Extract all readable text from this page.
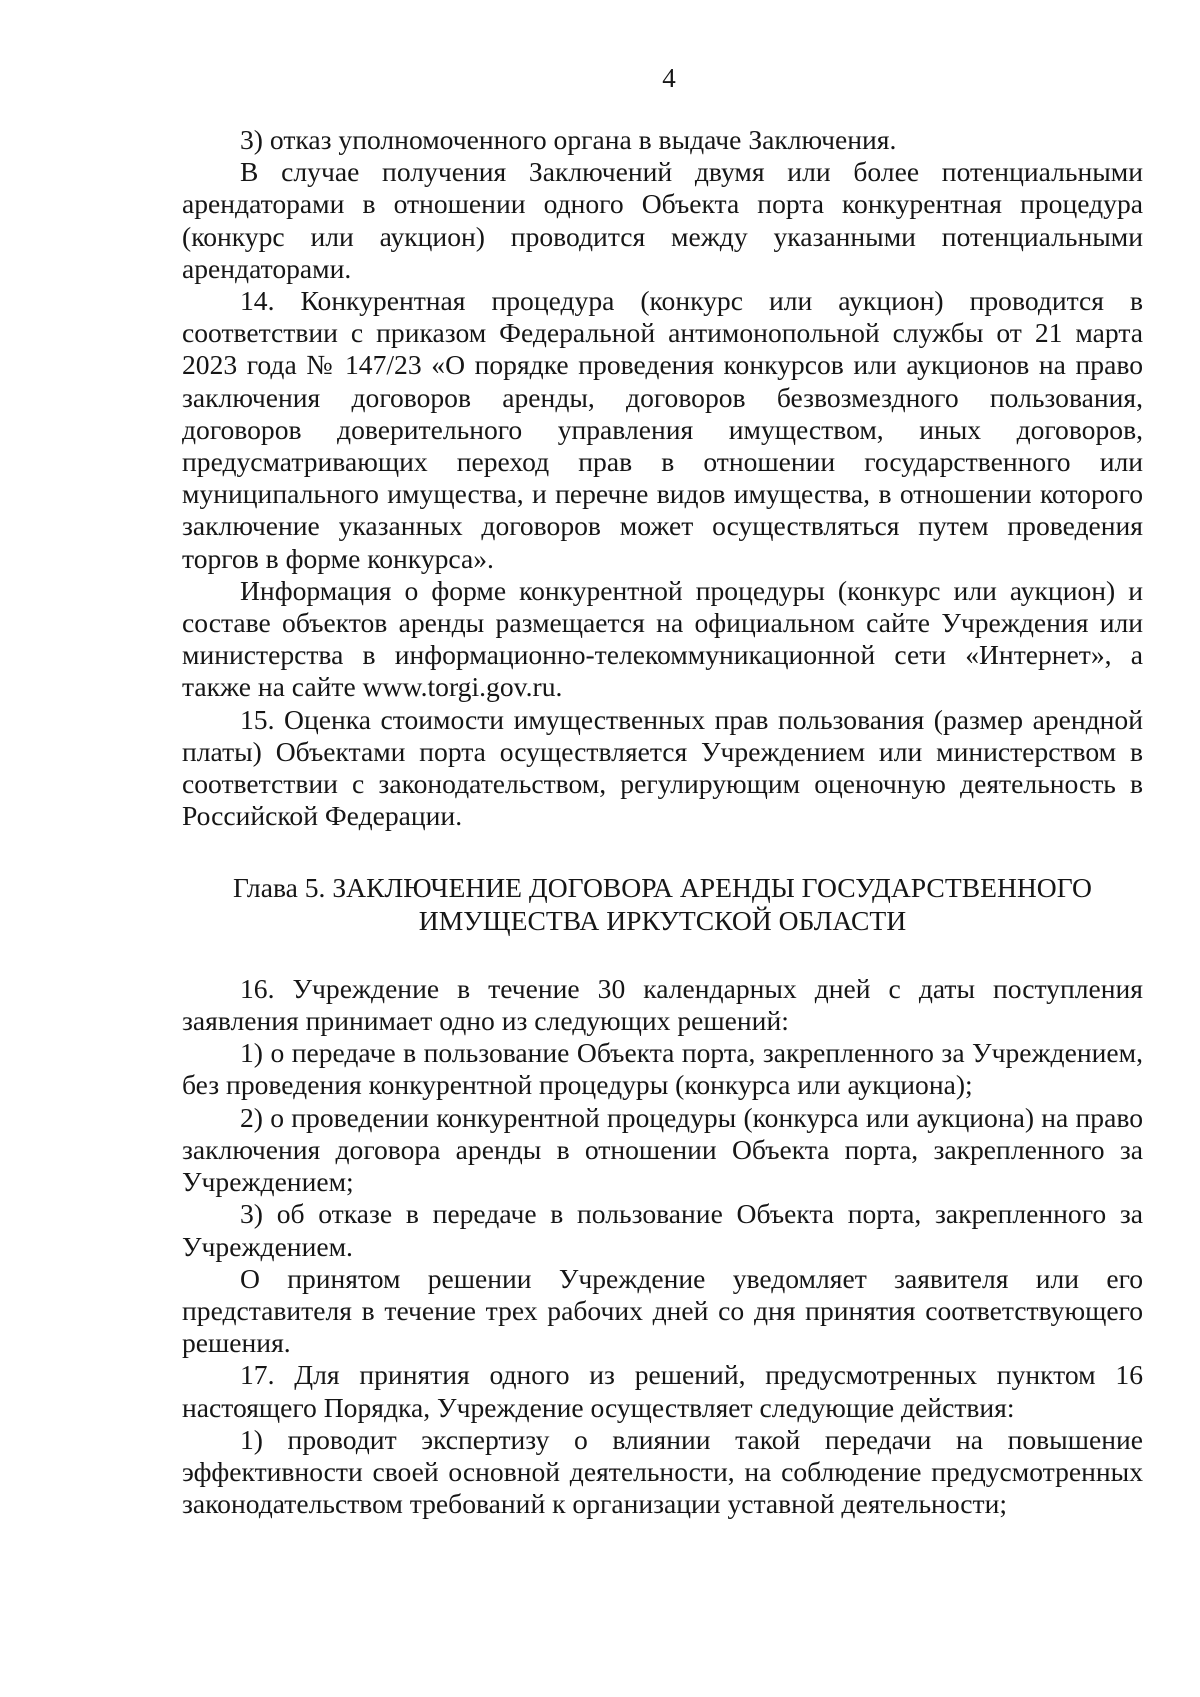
4

3) отказ уполномоченного органа в выдаче Заключения.

В случае получения Заключений двумя или более потенциальными арендаторами в отношении одного Объекта порта конкурентная процедура (конкурс или аукцион) проводится между указанными потенциальными арендаторами.

14. Конкурентная процедура (конкурс или аукцион) проводится в соответствии с приказом Федеральной антимонопольной службы от 21 марта 2023 года № 147/23 «О порядке проведения конкурсов или аукционов на право заключения договоров аренды, договоров безвозмездного пользования, договоров доверительного управления имуществом, иных договоров, предусматривающих переход прав в отношении государственного или муниципального имущества, и перечне видов имущества, в отношении которого заключение указанных договоров может осуществляться путем проведения торгов в форме конкурса».

Информация о форме конкурентной процедуры (конкурс или аукцион) и составе объектов аренды размещается на официальном сайте Учреждения или министерства в информационно-телекоммуникационной сети «Интернет», а также на сайте www.torgi.gov.ru.

15. Оценка стоимости имущественных прав пользования (размер арендной платы) Объектами порта осуществляется Учреждением или министерством в соответствии с законодательством, регулирующим оценочную деятельность в Российской Федерации.

Глава 5. ЗАКЛЮЧЕНИЕ ДОГОВОРА АРЕНДЫ ГОСУДАРСТВЕННОГО
ИМУЩЕСТВА ИРКУТСКОЙ ОБЛАСТИ

16. Учреждение в течение 30 календарных дней с даты поступления заявления принимает одно из следующих решений:

1) о передаче в пользование Объекта порта, закрепленного за Учреждением, без проведения конкурентной процедуры (конкурса или аукциона);

2) о проведении конкурентной процедуры (конкурса или аукциона) на право заключения договора аренды в отношении Объекта порта, закрепленного за Учреждением;

3) об отказе в передаче в пользование Объекта порта, закрепленного за Учреждением.

О принятом решении Учреждение уведомляет заявителя или его представителя в течение трех рабочих дней со дня принятия соответствующего решения.

17. Для принятия одного из решений, предусмотренных пунктом 16 настоящего Порядка, Учреждение осуществляет следующие действия:

1) проводит экспертизу о влиянии такой передачи на повышение эффективности своей основной деятельности, на соблюдение предусмотренных законодательством требований к организации уставной деятельности;
